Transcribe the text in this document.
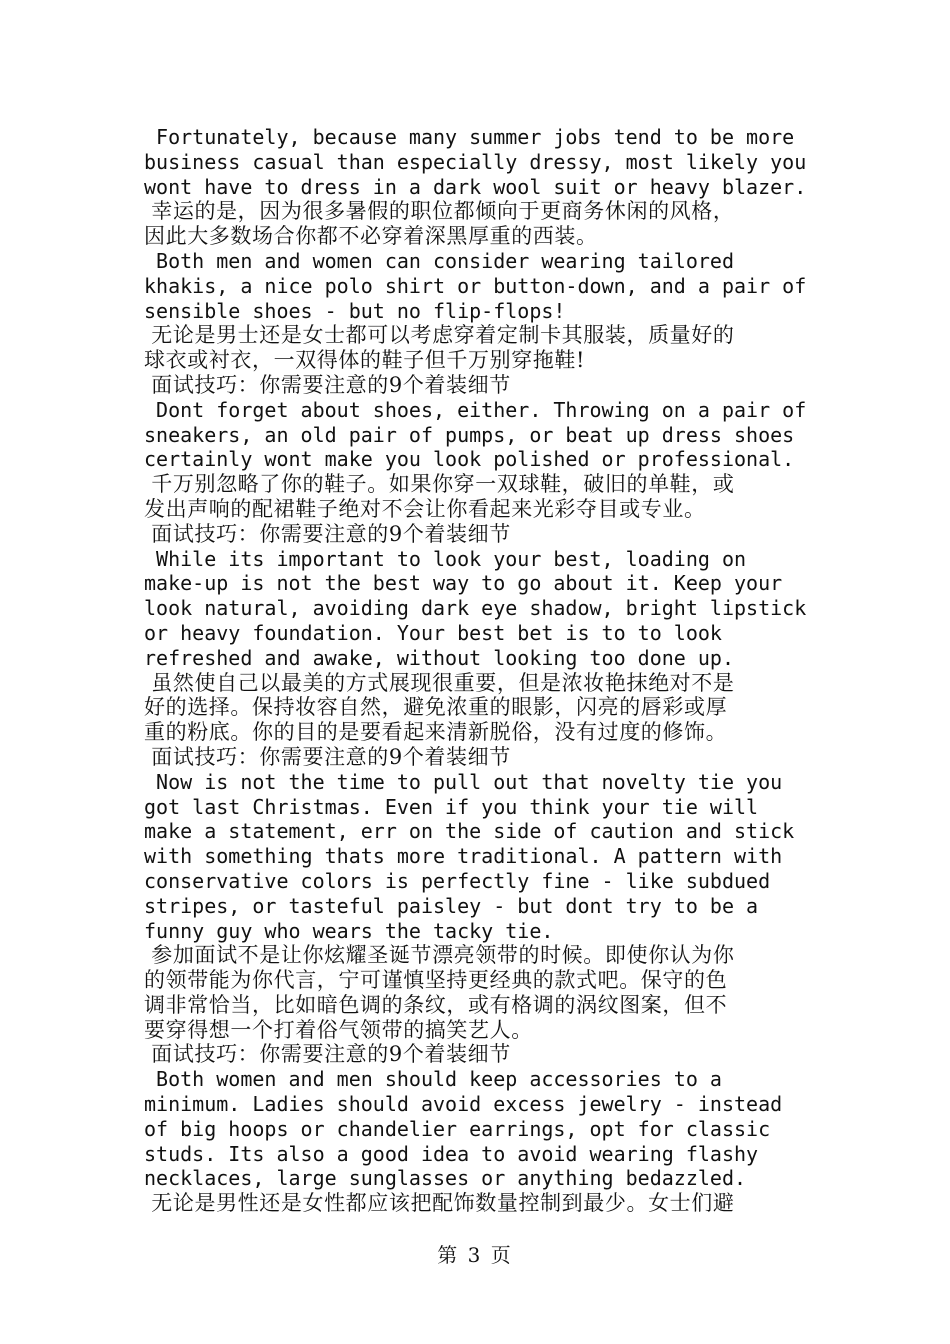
Fortunately, because many summer jobs tend to be more
business casual than especially dressy, most likely you
wont have to dress in a dark wool suit or heavy blazer.
幸运的是，因为很多暑假的职位都倾向于更商务休闲的风格，
因此大多数场合你都不必穿着深黑厚重的西装。
Both men and women can consider wearing tailored
khakis, a nice polo shirt or button-down, and a pair of
sensible shoes - but no flip-flops!
无论是男士还是女士都可以考虑穿着定制卡其服装，质量好的
球衣或衬衣，一双得体的鞋子但千万别穿拖鞋!
面试技巧：你需要注意的9个着装细节
Dont forget about shoes, either. Throwing on a pair of
sneakers, an old pair of pumps, or beat up dress shoes
certainly wont make you look polished or professional.
千万别忽略了你的鞋子。如果你穿一双球鞋，破旧的单鞋，或
发出声响的配裙鞋子绝对不会让你看起来光彩夺目或专业。
面试技巧：你需要注意的9个着装细节
While its important to look your best, loading on
make-up is not the best way to go about it. Keep your
look natural, avoiding dark eye shadow, bright lipstick
or heavy foundation. Your best bet is to to look
refreshed and awake, without looking too done up.
虽然使自己以最美的方式展现很重要，但是浓妆艳抹绝对不是
好的选择。保持妆容自然，避免浓重的眼影，闪亮的唇彩或厚
重的粉底。你的目的是要看起来清新脱俗，没有过度的修饰。
面试技巧：你需要注意的9个着装细节
Now is not the time to pull out that novelty tie you
got last Christmas. Even if you think your tie will
make a statement, err on the side of caution and stick
with something thats more traditional. A pattern with
conservative colors is perfectly fine - like subdued
stripes, or tasteful paisley - but dont try to be a
funny guy who wears the tacky tie.
参加面试不是让你炫耀圣诞节漂亮领带的时候。即使你认为你
的领带能为你代言，宁可谨慎坚持更经典的款式吧。保守的色
调非常恰当，比如暗色调的条纹，或有格调的涡纹图案，但不
要穿得想一个打着俗气领带的搞笑艺人。
面试技巧：你需要注意的9个着装细节
Both women and men should keep accessories to a
minimum. Ladies should avoid excess jewelry - instead
of big hoops or chandelier earrings, opt for classic
studs. Its also a good idea to avoid wearing flashy
necklaces, large sunglasses or anything bedazzled.
无论是男性还是女性都应该把配饰数量控制到最少。女士们避
第 3 页
